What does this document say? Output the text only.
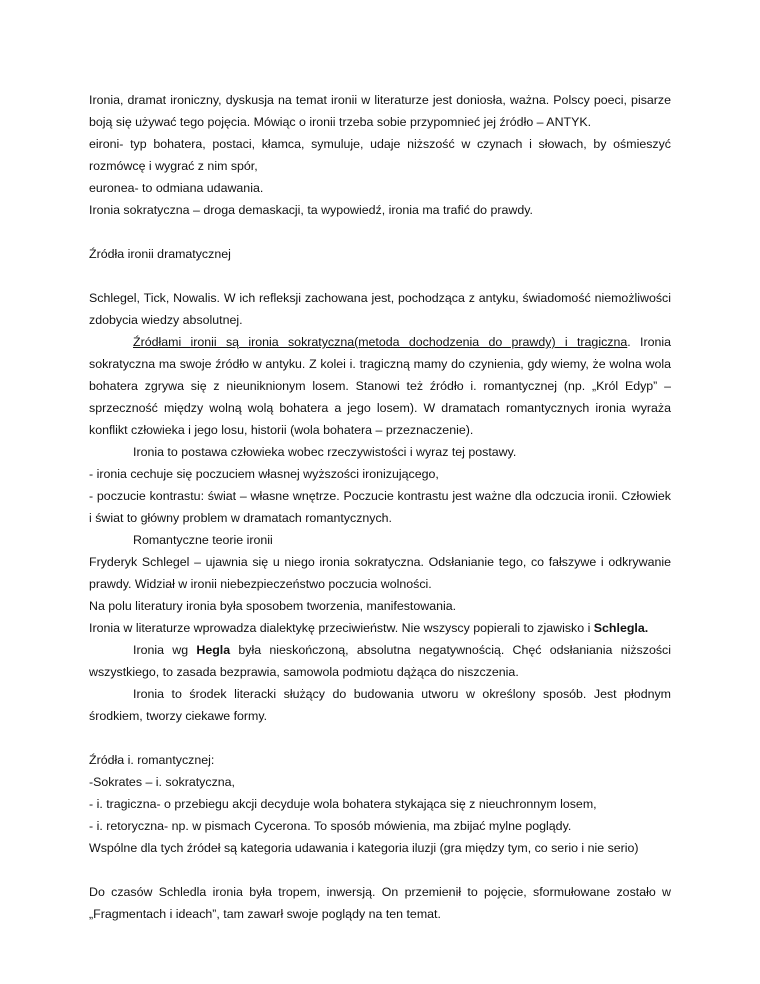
Ironia, dramat ironiczny, dyskusja na temat ironii w literaturze jest doniosła, ważna. Polscy poeci, pisarze boją się używać tego pojęcia. Mówiąc o ironii trzeba sobie przypomnieć jej źródło – ANTYK.

eironi- typ bohatera, postaci, kłamca, symuluje, udaje niższość w czynach i słowach, by ośmieszyć rozmówcę i wygrać z nim spór,

euronea- to odmiana udawania.

Ironia sokratyczna – droga demaskacji, ta wypowiedź, ironia ma trafić do prawdy.

Źródła ironii dramatycznej

Schlegel, Tick, Nowalis. W ich refleksji zachowana jest, pochodząca z antyku, świadomość niemożliwości zdobycia wiedzy absolutnej.

Źródłami ironii są ironia sokratyczna(metoda dochodzenia do prawdy) i tragiczna. Ironia sokratyczna ma swoje źródło w antyku. Z kolei i. tragiczną mamy do czynienia, gdy wiemy, że wolna wola bohatera zgrywa się z nieuniknionym losem. Stanowi też źródło i. romantycznej (np. „Król Edyp” – sprzeczność między wolną wolą bohatera a jego losem). W dramatach romantycznych ironia wyraża konflikt człowieka i jego losu, historii (wola bohatera – przeznaczenie).

Ironia to postawa człowieka wobec rzeczywistości i wyraz tej postawy.

- ironia cechuje się poczuciem własnej wyższości ironizującego,

- poczucie kontrastu: świat – własne wnętrze. Poczucie kontrastu jest ważne dla odczucia ironii. Człowiek i świat to główny problem w dramatach romantycznych.

Romantyczne teorie ironii

Fryderyk Schlegel – ujawnia się u niego ironia sokratyczna. Odsłanianie tego, co fałszywe i odkrywanie prawdy. Widział w ironii niebezpieczeństwo poczucia wolności.

Na polu literatury ironia była sposobem tworzenia, manifestowania.

Ironia w literaturze wprowadza dialektykę przeciwieństw. Nie wszyscy popierali to zjawisko i Schlegla.

Ironia wg Hegla była nieskończoną, absolutna negatywnością. Chęć odsłaniania niższości wszystkiego, to zasada bezprawia, samowola podmiotu dążąca do niszczenia.

Ironia to środek literacki służący do budowania utworu w określony sposób. Jest płodnym środkiem, tworzy ciekawe formy.

Źródła i. romantycznej:

-Sokrates – i. sokratyczna,

- i. tragiczna- o przebiegu akcji decyduje wola bohatera stykająca się z nieuchronnym losem,

- i. retoryczna- np. w pismach Cycerona. To sposób mówienia, ma zbijać mylne poglądy.

Wspólne dla tych źródeł są kategoria udawania i kategoria iluzji (gra między tym, co serio i nie serio)

Do czasów Schledla ironia była tropem, inwersją. On przemienił to pojęcie, sformułowane zostało w „Fragmentach i ideach”, tam zawarł swoje poglądy na ten temat.
